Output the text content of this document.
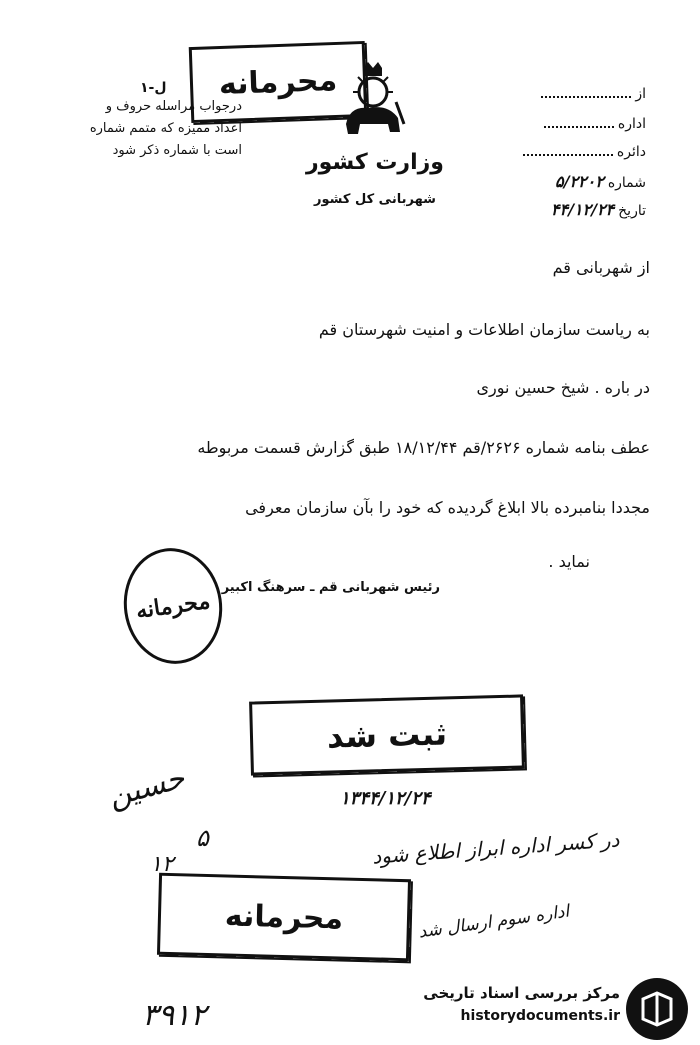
ل-۱
درجواب مراسله حروف و
اعداد ممیزه که متمم شماره
است با شماره ذکر شود
محرمانه
وزارت کشور
شهربانی کل کشور
از
اداره
دائره
شماره
۵/۲۲۰۲
تاریخ
۴۴/۱۲/۲۴
از شهربانی قم
به ریاست سازمان اطلاعات و امنیت شهرستان قم
در باره . شیخ حسین نوری
عطف بنامه شماره ۲۶۲۶/قم ۱۸/۱۲/۴۴ طبق گزارش قسمت مربوطه
مجددا بنامبرده بالا ابلاغ گردیده که خود را بآن سازمان معرفی
نماید .
رئیس شهربانی قم ـ سرهنگ اکبیر
محرمانه
ثبت شد
۱۳۴۴/۱۲/۲۴
حسین
۵
۱۲	در کسر اداره ابراز اطلاع شود
اداره سوم ارسال شد
محرمانه
۳۹۱۲
مرکز بررسی اسناد تاریخی
historydocuments.ir
